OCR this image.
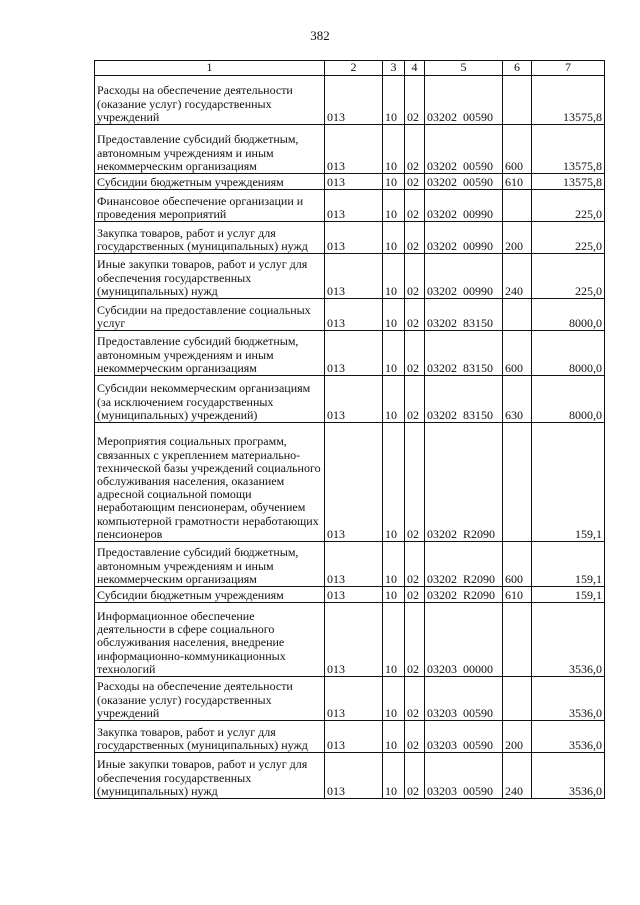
382
1	2	3	4	5	6	7
Расходы на обеспечение деятельности (оказание услуг) государственных учреждений	013	10	02	03202  00590		13575,8
Предоставление субсидий бюджетным, автономным учреждениям и иным некоммерческим организациям	013	10	02	03202  00590	600	13575,8
Субсидии бюджетным учреждениям	013	10	02	03202  00590	610	13575,8
Финансовое обеспечение организации и проведения мероприятий	013	10	02	03202  00990		225,0
Закупка товаров, работ и услуг для государственных (муниципальных) нужд	013	10	02	03202  00990	200	225,0
Иные закупки товаров, работ и услуг для обеспечения государственных (муниципальных) нужд	013	10	02	03202  00990	240	225,0
Субсидии на предоставление социальных услуг	013	10	02	03202  83150		8000,0
Предоставление субсидий бюджетным, автономным учреждениям и иным некоммерческим организациям	013	10	02	03202  83150	600	8000,0
Субсидии некоммерческим организациям (за исключением государственных (муниципальных) учреждений)	013	10	02	03202  83150	630	8000,0
Мероприятия социальных программ, связанных с укреплением материально-технической базы учреждений социального обслуживания населения, оказанием адресной социальной помощи неработающим пенсионерам, обучением компьютерной грамотности неработающих пенсионеров	013	10	02	03202  R2090		159,1
Предоставление субсидий бюджетным, автономным учреждениям и иным некоммерческим организациям	013	10	02	03202  R2090	600	159,1
Субсидии бюджетным учреждениям	013	10	02	03202  R2090	610	159,1
Информационное обеспечение деятельности в сфере социального обслуживания населения, внедрение информационно-коммуникационных технологий	013	10	02	03203  00000		3536,0
Расходы на обеспечение деятельности (оказание услуг) государственных учреждений	013	10	02	03203  00590		3536,0
Закупка товаров, работ и услуг для государственных (муниципальных) нужд	013	10	02	03203  00590	200	3536,0
Иные закупки товаров, работ и услуг для обеспечения государственных (муниципальных) нужд	013	10	02	03203  00590	240	3536,0
